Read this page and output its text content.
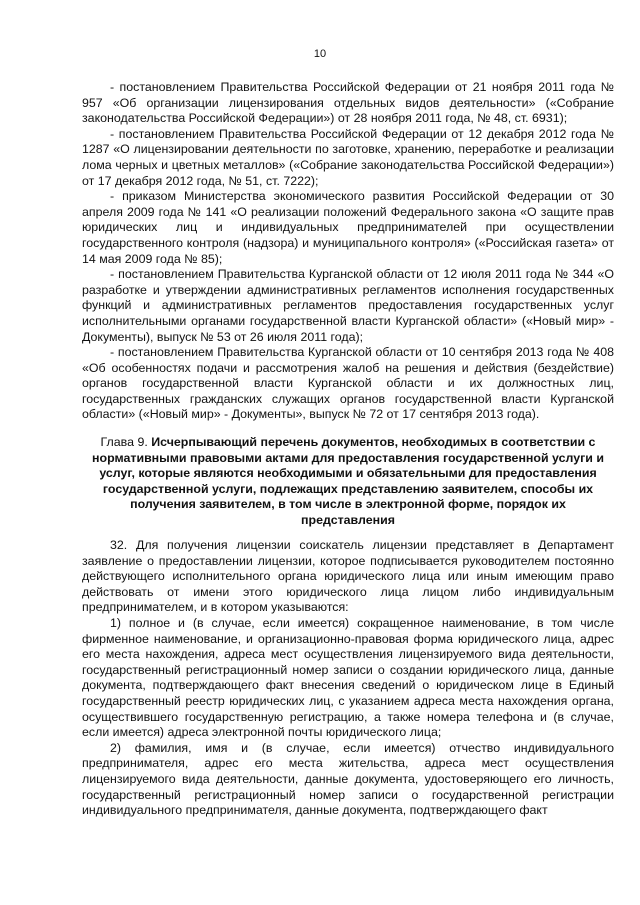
10

- постановлением Правительства Российской Федерации от 21 ноября 2011 года № 957 «Об организации лицензирования отдельных видов деятельности» («Собрание законодательства Российской Федерации») от 28 ноября 2011 года, № 48, ст. 6931);

- постановлением Правительства Российской Федерации от 12 декабря 2012 года № 1287 «О лицензировании деятельности по заготовке, хранению, переработке и реализации лома черных и цветных металлов» («Собрание законодательства Российской Федерации») от 17 декабря 2012 года, № 51, ст. 7222);

- приказом Министерства экономического развития Российской Федерации от 30 апреля 2009 года № 141 «О реализации положений Федерального закона «О защите прав юридических лиц и индивидуальных предпринимателей при осуществлении государственного контроля (надзора) и муниципального контроля» («Российская газета» от 14 мая 2009 года № 85);

- постановлением Правительства Курганской области от 12 июля 2011 года № 344 «О разработке и утверждении административных регламентов исполнения государственных функций и административных регламентов предоставления государственных услуг исполнительными органами государственной власти Курганской области» («Новый мир» - Документы), выпуск № 53 от 26 июля 2011 года);

- постановлением Правительства Курганской области от 10 сентября 2013 года № 408 «Об особенностях подачи и рассмотрения жалоб на решения и действия (бездействие) органов государственной власти Курганской области и их должностных лиц, государственных гражданских служащих органов государственной власти Курганской области» («Новый мир» - Документы», выпуск № 72 от 17 сентября 2013 года).

Глава 9. Исчерпывающий перечень документов, необходимых в соответствии с нормативными правовыми актами для предоставления государственной услуги и услуг, которые являются необходимыми и обязательными для предоставления государственной услуги, подлежащих представлению заявителем, способы их получения заявителем, в том числе в электронной форме, порядок их представления

32. Для получения лицензии соискатель лицензии представляет в Департамент заявление о предоставлении лицензии, которое подписывается руководителем постоянно действующего исполнительного органа юридического лица или иным имеющим право действовать от имени этого юридического лица лицом либо индивидуальным предпринимателем, и в котором указываются:

1) полное и (в случае, если имеется) сокращенное наименование, в том числе фирменное наименование, и организационно-правовая форма юридического лица, адрес его места нахождения, адреса мест осуществления лицензируемого вида деятельности, государственный регистрационный номер записи о создании юридического лица, данные документа, подтверждающего факт внесения сведений о юридическом лице в Единый государственный реестр юридических лиц, с указанием адреса места нахождения органа, осуществившего государственную регистрацию, а также номера телефона и (в случае, если имеется) адреса электронной почты юридического лица;

2) фамилия, имя и (в случае, если имеется) отчество индивидуального предпринимателя, адрес его места жительства, адреса мест осуществления лицензируемого вида деятельности, данные документа, удостоверяющего его личность, государственный регистрационный номер записи о государственной регистрации индивидуального предпринимателя, данные документа, подтверждающего факт
